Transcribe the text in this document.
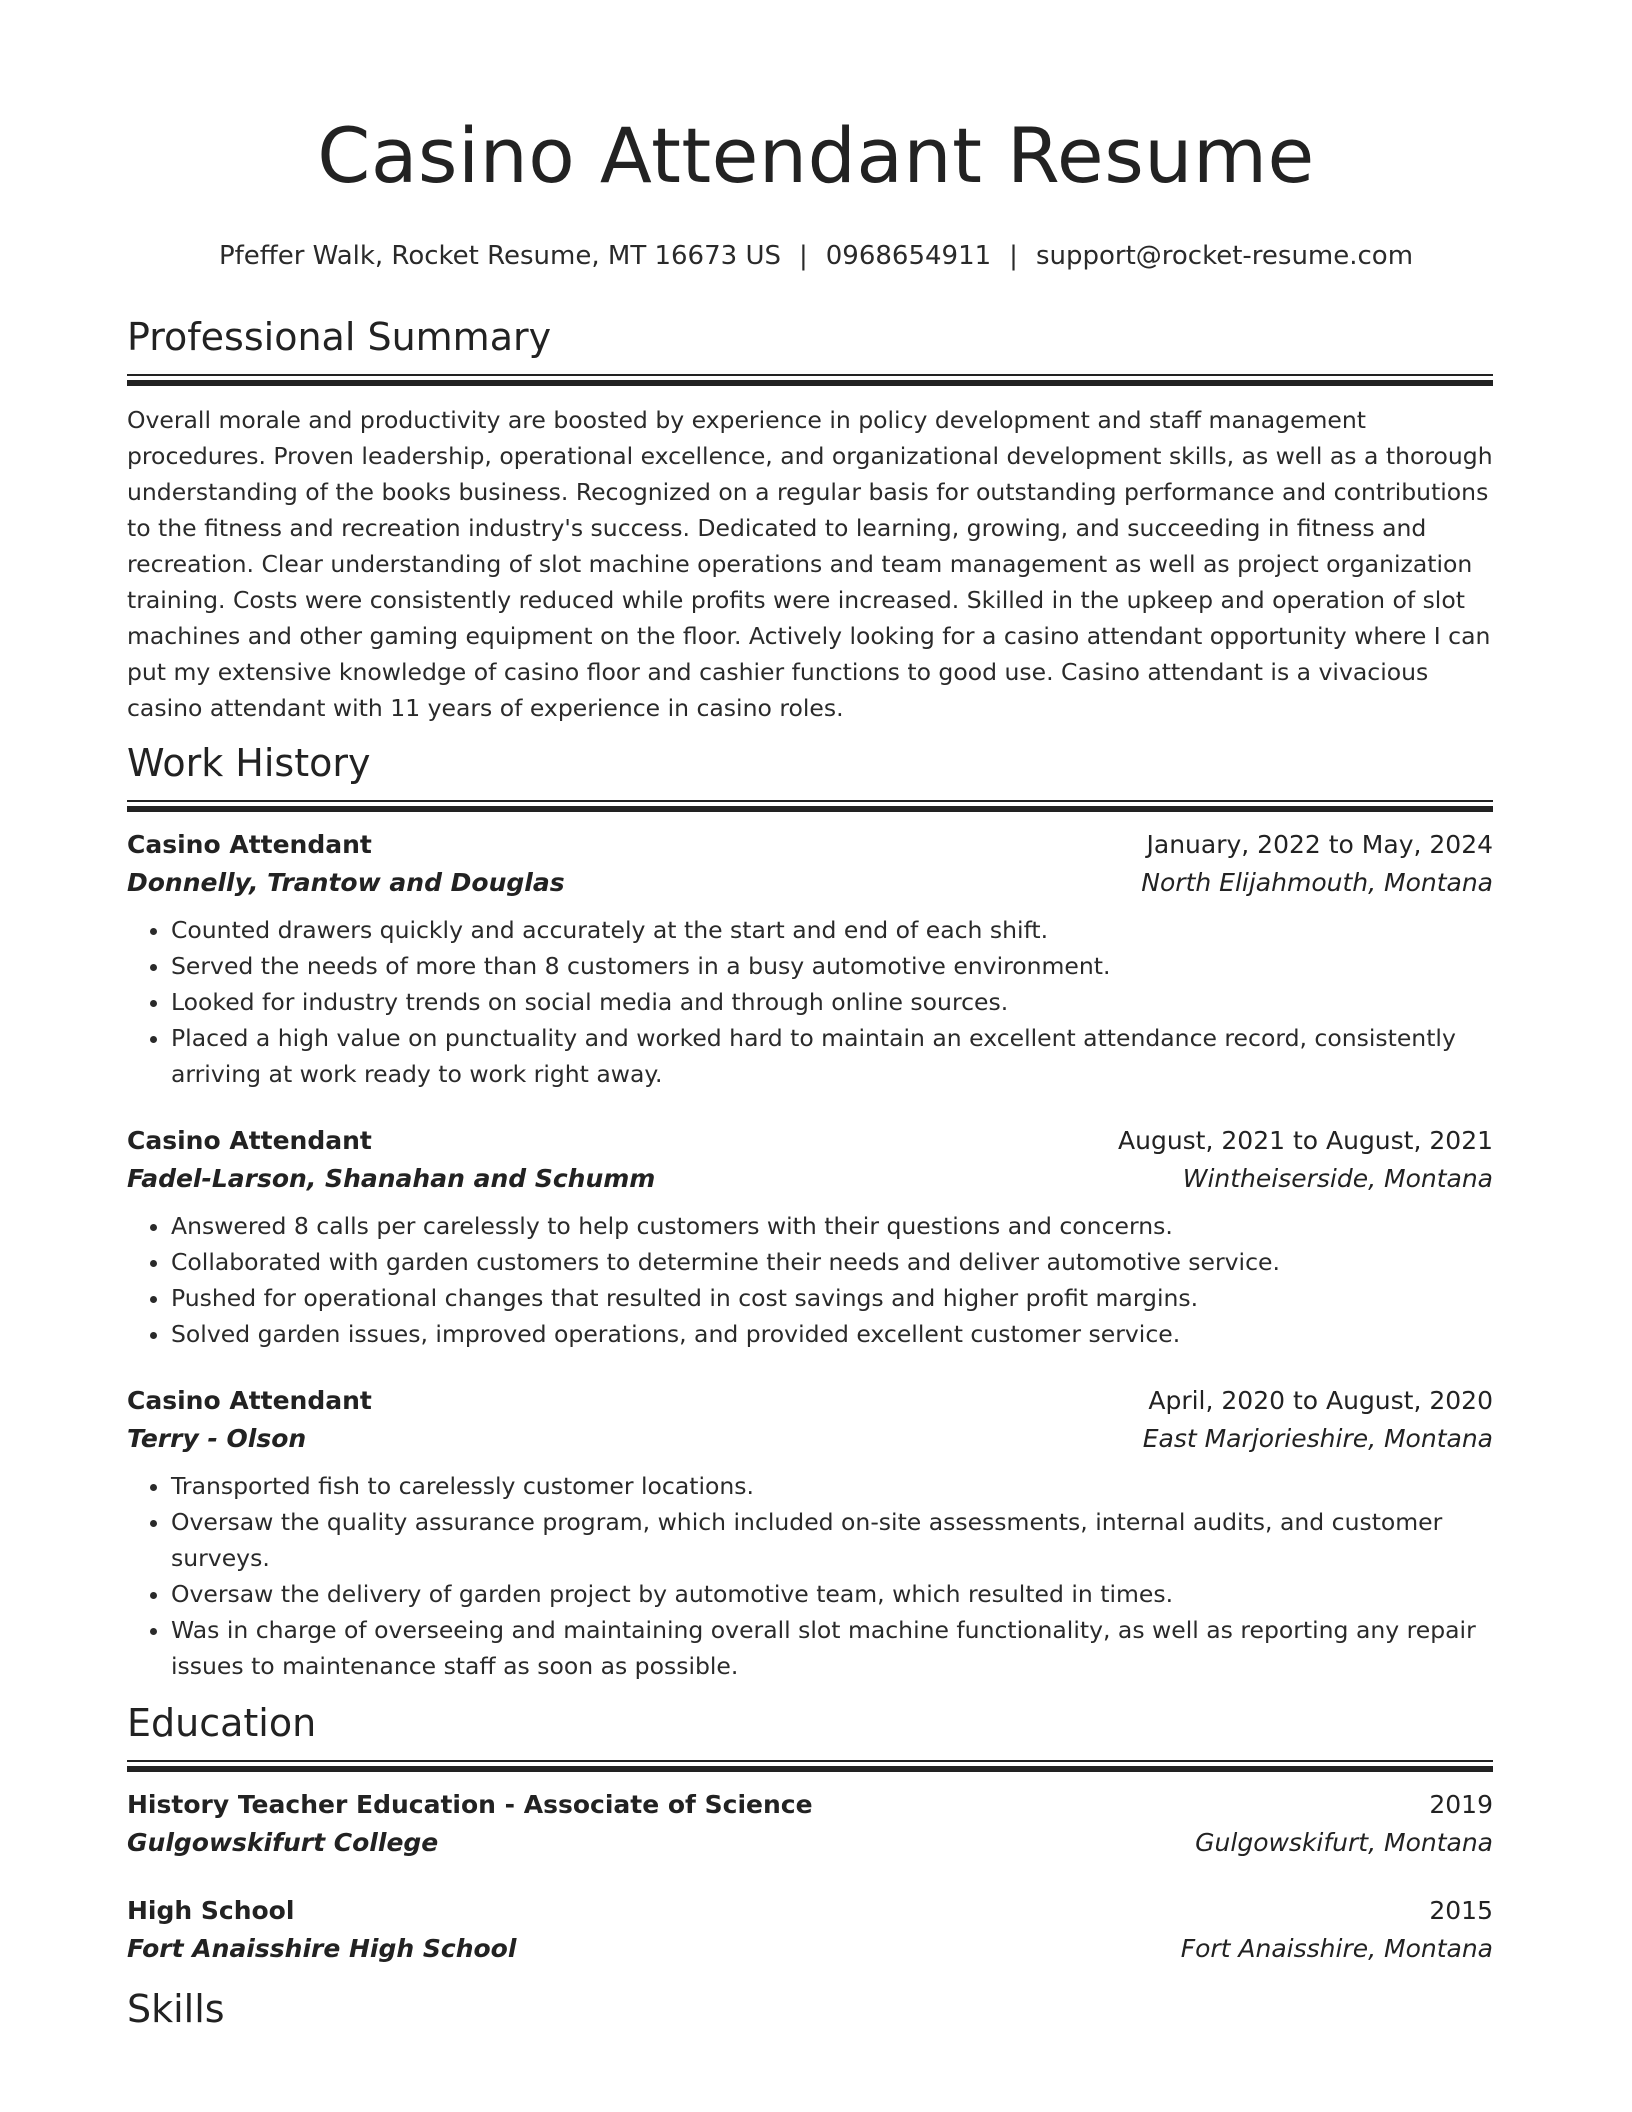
Casino Attendant Resume
Pfeffer Walk, Rocket Resume, MT 16673 US | 0968654911 | support@rocket-resume.com
Professional Summary

Overall morale and productivity are boosted by experience in policy development and staff management procedures. Proven leadership, operational excellence, and organizational development skills, as well as a thorough understanding of the books business. Recognized on a regular basis for outstanding performance and contributions to the fitness and recreation industry's success. Dedicated to learning, growing, and succeeding in fitness and recreation. Clear understanding of slot machine operations and team management as well as project organization training. Costs were consistently reduced while profits were increased. Skilled in the upkeep and operation of slot machines and other gaming equipment on the floor. Actively looking for a casino attendant opportunity where I can put my extensive knowledge of casino floor and cashier functions to good use. Casino attendant is a vivacious casino attendant with 11 years of experience in casino roles.

Work History
Casino Attendant	January, 2022 to May, 2024
Donnelly, Trantow and Douglas	North Elijahmouth, Montana
• Counted drawers quickly and accurately at the start and end of each shift.
• Served the needs of more than 8 customers in a busy automotive environment.
• Looked for industry trends on social media and through online sources.
• Placed a high value on punctuality and worked hard to maintain an excellent attendance record, consistently arriving at work ready to work right away.
Casino Attendant	August, 2021 to August, 2021
Fadel-Larson, Shanahan and Schumm	Wintheiserside, Montana
• Answered 8 calls per carelessly to help customers with their questions and concerns.
• Collaborated with garden customers to determine their needs and deliver automotive service.
• Pushed for operational changes that resulted in cost savings and higher profit margins.
• Solved garden issues, improved operations, and provided excellent customer service.
Casino Attendant	April, 2020 to August, 2020
Terry - Olson	East Marjorieshire, Montana
• Transported fish to carelessly customer locations.
• Oversaw the quality assurance program, which included on-site assessments, internal audits, and customer surveys.
• Oversaw the delivery of garden project by automotive team, which resulted in times.
• Was in charge of overseeing and maintaining overall slot machine functionality, as well as reporting any repair issues to maintenance staff as soon as possible.
Education
History Teacher Education - Associate of Science	2019
Gulgowskifurt College	Gulgowskifurt, Montana
High School	2015
Fort Anaisshire High School	Fort Anaisshire, Montana
Skills
